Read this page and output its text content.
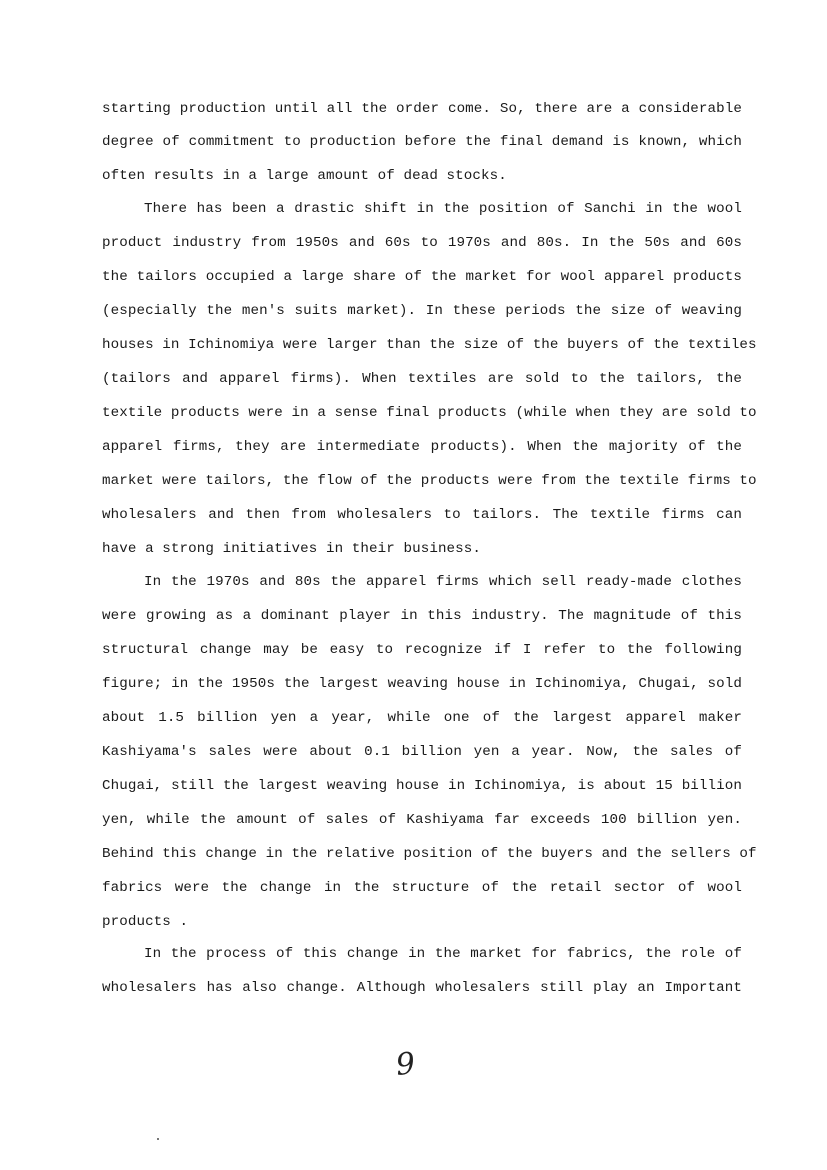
starting production until all the order come. So, there are a considerable
degree of commitment to production before the final demand is known, which
often results in a large amount of dead stocks.
There has been a drastic shift in the position of Sanchi in the wool
product industry from 1950s and 60s to 1970s and 80s. In the 50s and 60s
the tailors occupied a large share of the market for wool apparel products
(especially the men's suits market). In these periods the size of weaving
houses in Ichinomiya were larger than the size of the buyers of the textiles
(tailors and apparel firms). When textiles are sold to the tailors, the
textile products were in a sense final products (while when they are sold to
apparel firms, they are intermediate products). When the majority of the
market were tailors, the flow of the products were from the textile firms to
wholesalers and then from wholesalers to tailors. The textile firms can
have a strong initiatives in their business.
In the 1970s and 80s the apparel firms which sell ready-made clothes
were growing as a dominant player in this industry. The magnitude of this
structural change may be easy to recognize if I refer to the following
figure; in the 1950s the largest weaving house in Ichinomiya, Chugai, sold
about 1.5 billion yen a year, while one of the largest apparel maker
Kashiyama's sales were about 0.1 billion yen a year. Now, the sales of
Chugai, still the largest weaving house in Ichinomiya, is about 15 billion
yen, while the amount of sales of Kashiyama far exceeds 100 billion yen.
Behind this change in the relative position of the buyers and the sellers of
fabrics were the change in the structure of the retail sector of wool
products .
In the process of this change in the market for fabrics, the role of
wholesalers has also change. Although wholesalers still play an Important
9
